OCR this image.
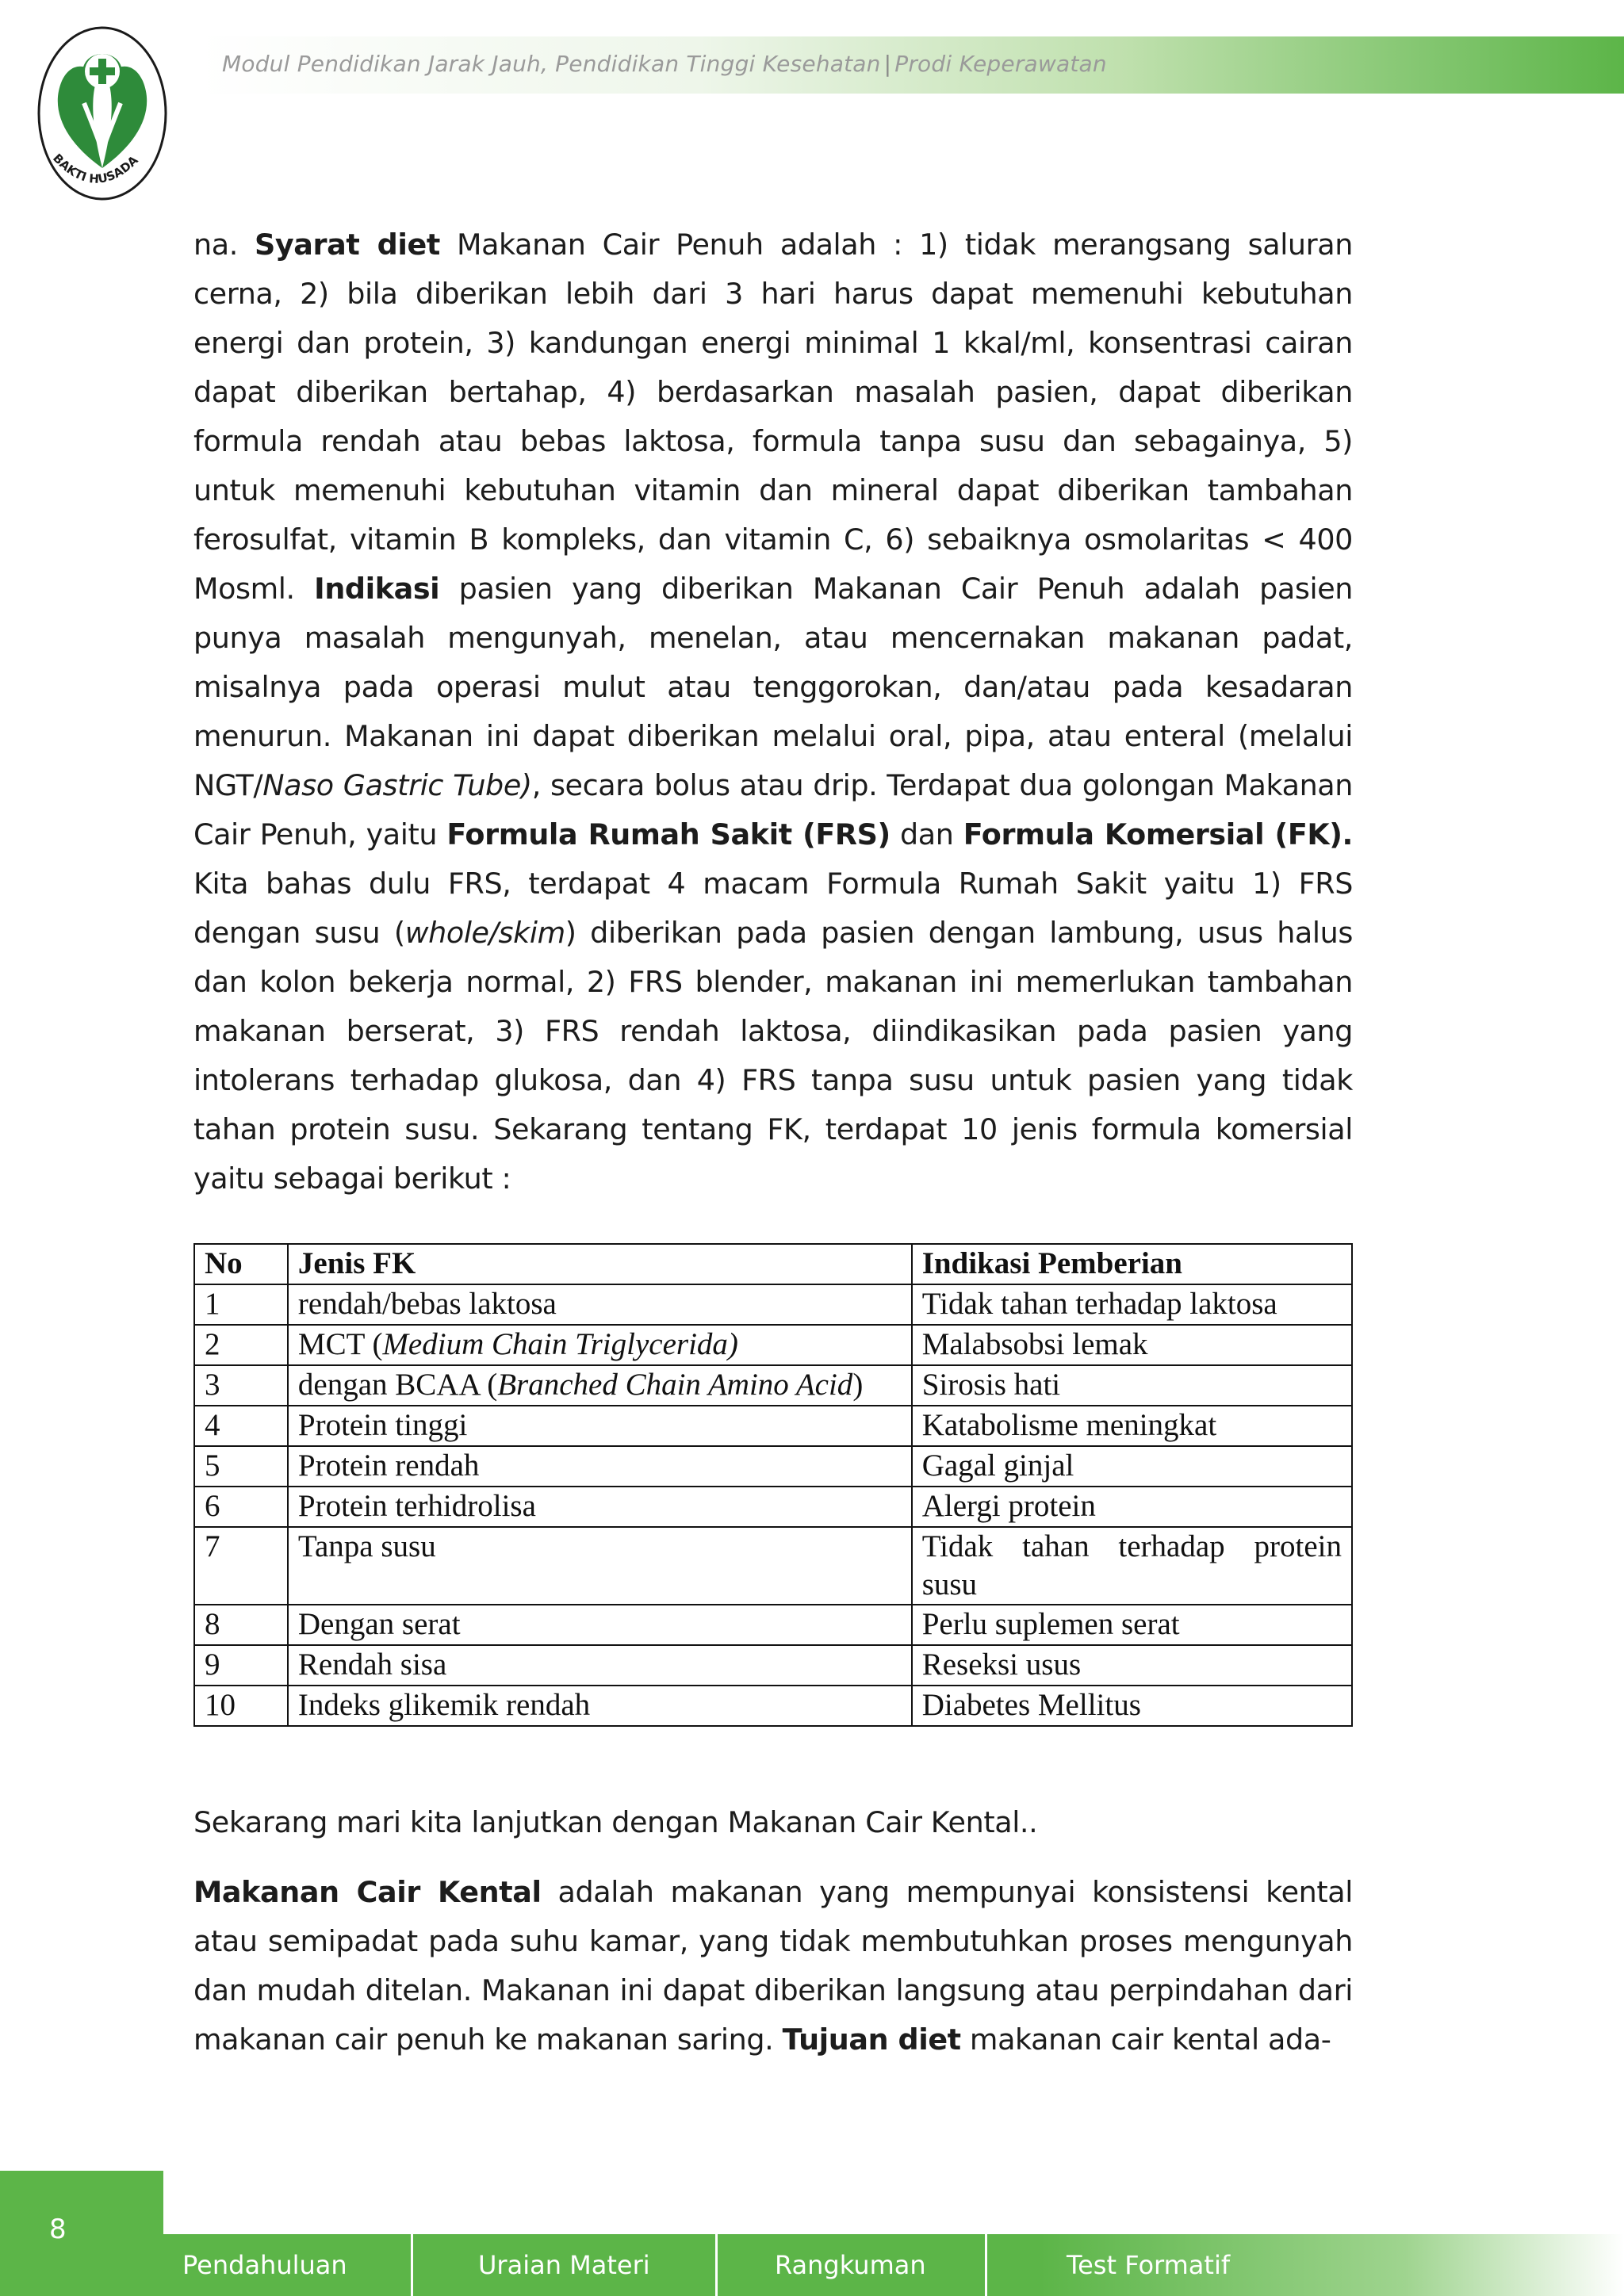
BAKTI HUSADA
Modul Pendidikan Jarak Jauh, Pendidikan Tinggi Kesehatan | Prodi Keperawatan

na. Syarat diet Makanan Cair Penuh adalah : 1) tidak merangsang saluran cerna, 2) bila diberikan lebih dari 3 hari harus dapat memenuhi kebutuhan energi dan protein, 3) kandungan energi minimal 1 kkal/ml, konsentrasi cairan dapat diberikan bertahap, 4) berdasarkan masalah pasien, dapat diberikan formula rendah atau bebas laktosa, formula tanpa susu dan sebagainya, 5) untuk memenuhi kebutuhan vitamin dan mineral dapat diberikan tambahan ferosulfat, vitamin B kompleks, dan vitamin C, 6) sebaiknya osmolaritas < 400 Mosml. Indikasi pasien yang diberikan Makanan Cair Penuh adalah pasien punya masalah mengunyah, menelan, atau mencernakan makanan padat, misalnya pada operasi mulut atau tenggorokan, dan/atau pada kesadaran menurun. Makanan ini dapat diberikan melalui oral, pipa, atau enteral (melalui NGT/Naso Gastric Tube), secara bolus atau drip. Terdapat dua golongan Makanan Cair Penuh, yaitu Formula Rumah Sakit (FRS) dan Formula Komersial (FK). Kita bahas dulu FRS, terdapat 4 macam Formula Rumah Sakit yaitu 1) FRS dengan susu (whole/skim) diberikan pada pasien dengan lambung, usus halus dan kolon bekerja normal, 2) FRS blender, makanan ini memerlukan tambahan makanan berserat, 3) FRS rendah laktosa, diindikasikan pada pasien yang intolerans terhadap glukosa, dan 4) FRS tanpa susu untuk pasien yang tidak tahan protein susu. Sekarang tentang FK, terdapat 10 jenis formula komersial yaitu sebagai berikut :

No	Jenis FK	Indikasi Pemberian
1	rendah/bebas laktosa	Tidak tahan terhadap laktosa
2	MCT (Medium Chain Triglycerida)	Malabsobsi lemak
3	dengan BCAA (Branched Chain Amino Acid)	Sirosis hati
4	Protein tinggi	Katabolisme meningkat
5	Protein rendah	Gagal ginjal
6	Protein terhidrolisa	Alergi protein
7	Tanpa susu	Tidak tahan terhadap protein
susu
8	Dengan serat	Perlu suplemen serat
9	Rendah sisa	Reseksi usus
10	Indeks glikemik rendah	Diabetes Mellitus
Sekarang mari kita lanjutkan dengan Makanan Cair Kental..
Makanan Cair Kental adalah makanan yang mempunyai konsistensi kental atau semipadat pada suhu kamar, yang tidak membutuhkan proses mengunyah dan mudah ditelan. Makanan ini dapat diberikan langsung atau perpindahan dari makanan cair penuh ke makanan saring. Tujuan diet makanan cair kental ada-
8
Pendahuluan	Uraian Materi	Rangkuman	Test Formatif
